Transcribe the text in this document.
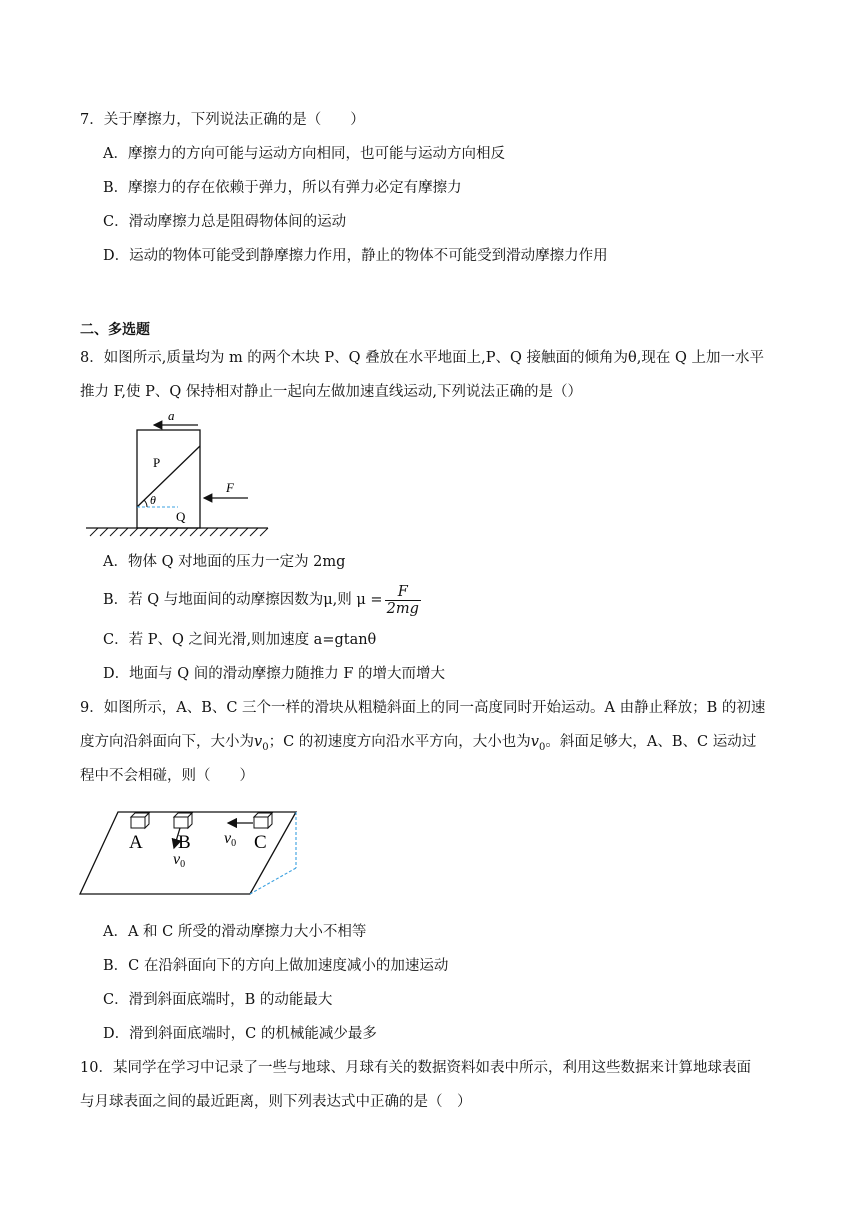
7．关于摩擦力，下列说法正确的是（　　）
A．摩擦力的方向可能与运动方向相同，也可能与运动方向相反
B．摩擦力的存在依赖于弹力，所以有弹力必定有摩擦力
C．滑动摩擦力总是阻碍物体间的运动
D．运动的物体可能受到静摩擦力作用，静止的物体不可能受到滑动摩擦力作用
二、多选题
8．如图所示,质量均为 m 的两个木块 P、Q 叠放在水平地面上,P、Q 接触面的倾角为θ,现在 Q 上加一水平
推力 F,使 P、Q 保持相对静止一起向左做加速直线运动,下列说法正确的是（）
a
θ
P
Q
F
A．物体 Q 对地面的压力一定为 2mg
B．若 Q 与地面间的动摩擦因数为μ,则 $\mu = \frac{F}{2mg}$
C．若 P、Q 之间光滑,则加速度 a=gtanθ
D．地面与 Q 间的滑动摩擦力随推力 F 的增大而增大
9．如图所示，A、B、C 三个一样的滑块从粗糙斜面上的同一高度同时开始运动。A 由静止释放；B 的初速
度方向沿斜面向下，大小为$v_0$；C 的初速度方向沿水平方向，大小也为$v_0$。斜面足够大，A、B、C 运动过
程中不会相碰，则（　　）
A B	C
v0
v0
A．A 和 C 所受的滑动摩擦力大小不相等
B．C 在沿斜面向下的方向上做加速度减小的加速运动
C．滑到斜面底端时，B 的动能最大
D．滑到斜面底端时，C 的机械能减少最多
10．某同学在学习中记录了一些与地球、月球有关的数据资料如表中所示，利用这些数据来计算地球表面
与月球表面之间的最近距离，则下列表达式中正确的是（　）
